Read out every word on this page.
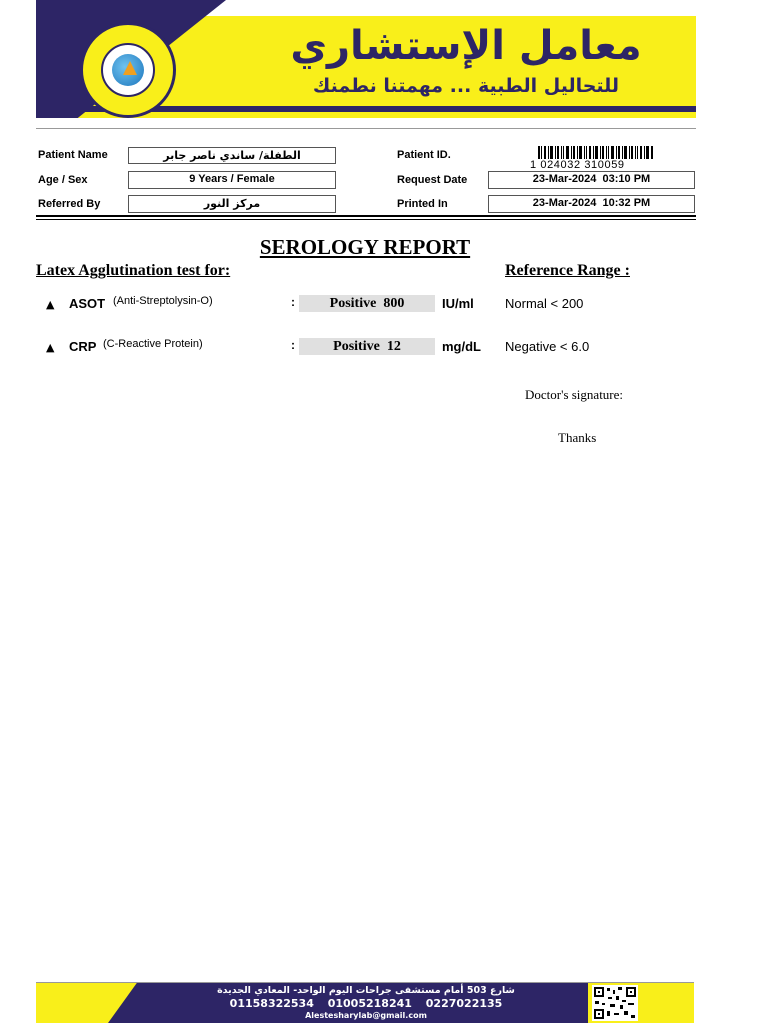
معامل الإستشاري
للتحاليل الطبية ... مهمتنا نطمنك
Patient Name	الطفلة/ ساندي ناصر جابر
Age / Sex	9 Years / Female
Referred By	مركز النور
Patient ID.
1 024032 310059
Request Date	23-Mar-2024  03:10 PM
Printed In	23-Mar-2024  10:32 PM
SEROLOGY REPORT
Latex Agglutination test for:	Reference Range :
▲ ASOT (Anti-Streptolysin-O)	:	Positive  800	IU/ml Normal < 200
▲ CRP (C-Reactive Protein)	:	Positive  12	mg/dL Negative < 6.0
Doctor's signature:
Thanks
شارع 503 أمام مستشفى جراحات اليوم الواحد- المعادي الجديدة
01158322534 01005218241 0227022135
Alestesharylab@gmail.com
